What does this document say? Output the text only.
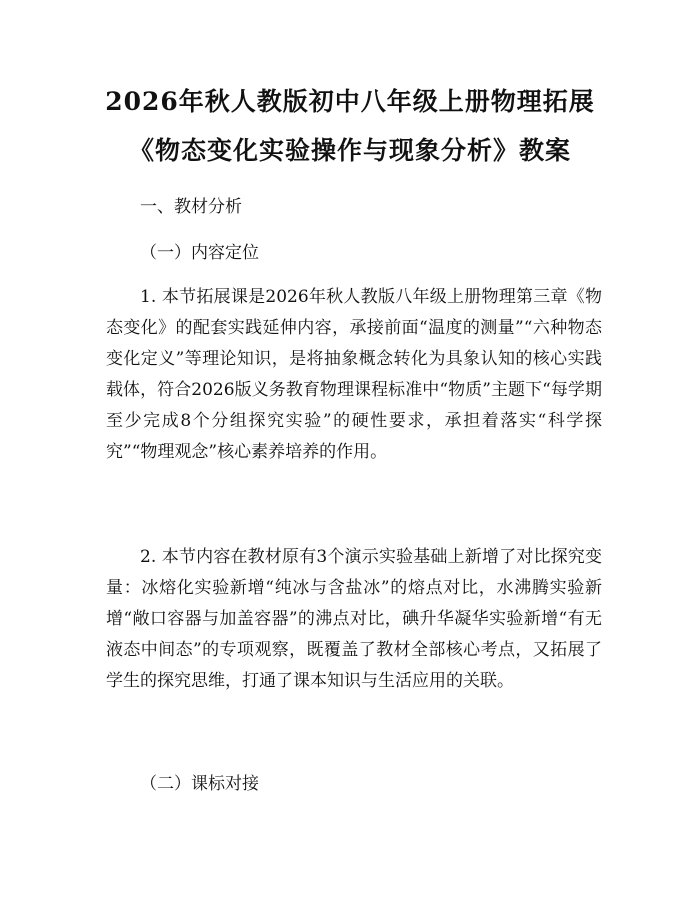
2026年秋人教版初中八年级上册物理拓展
《物态变化实验操作与现象分析》教案
一、教材分析
（一）内容定位

1. 本节拓展课是2026年秋人教版八年级上册物理第三章《物态变化》的配套实践延伸内容，承接前面“温度的测量”“六种物态变化定义”等理论知识，是将抽象概念转化为具象认知的核心实践载体，符合2026版义务教育物理课程标准中“物质”主题下“每学期至少完成8个分组探究实验”的硬性要求，承担着落实“科学探究”“物理观念”核心素养培养的作用。

2. 本节内容在教材原有3个演示实验基础上新增了对比探究变量：冰熔化实验新增“纯冰与含盐冰”的熔点对比，水沸腾实验新增“敞口容器与加盖容器”的沸点对比，碘升华凝华实验新增“有无液态中间态”的专项观察，既覆盖了教材全部核心考点，又拓展了学生的探究思维，打通了课本知识与生活应用的关联。

（二）课标对接
